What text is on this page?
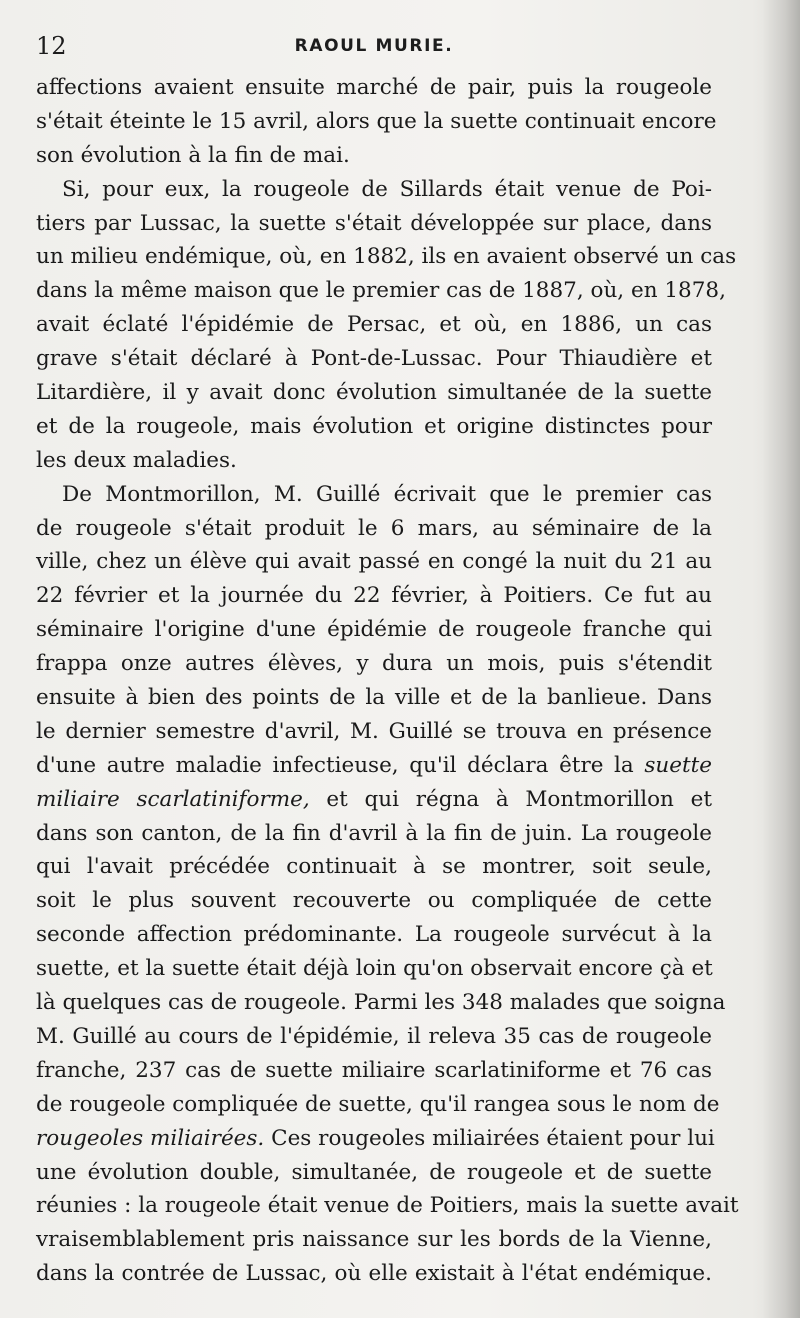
12	RAOUL MURIE.
affections avaient ensuite marché de pair, puis la rougeole
s'était éteinte le 15 avril, alors que la suette continuait encore
son évolution à la fin de mai.
Si, pour eux, la rougeole de Sillards était venue de Poi-
tiers par Lussac, la suette s'était développée sur place, dans
un milieu endémique, où, en 1882, ils en avaient observé un cas
dans la même maison que le premier cas de 1887, où, en 1878,
avait éclaté l'épidémie de Persac, et où, en 1886, un cas
grave s'était déclaré à Pont-de-Lussac. Pour Thiaudière et
Litardière, il y avait donc évolution simultanée de la suette
et de la rougeole, mais évolution et origine distinctes pour
les deux maladies.
De Montmorillon, M. Guillé écrivait que le premier cas
de rougeole s'était produit le 6 mars, au séminaire de la
ville, chez un élève qui avait passé en congé la nuit du 21 au
22 février et la journée du 22 février, à Poitiers. Ce fut au
séminaire l'origine d'une épidémie de rougeole franche qui
frappa onze autres élèves, y dura un mois, puis s'étendit
ensuite à bien des points de la ville et de la banlieue. Dans
le dernier semestre d'avril, M. Guillé se trouva en présence
d'une autre maladie infectieuse, qu'il déclara être la suette
miliaire scarlatiniforme, et qui régna à Montmorillon et
dans son canton, de la fin d'avril à la fin de juin. La rougeole
qui l'avait précédée continuait à se montrer, soit seule,
soit le plus souvent recouverte ou compliquée de cette
seconde affection prédominante. La rougeole survécut à la
suette, et la suette était déjà loin qu'on observait encore çà et
là quelques cas de rougeole. Parmi les 348 malades que soigna
M. Guillé au cours de l'épidémie, il releva 35 cas de rougeole
franche, 237 cas de suette miliaire scarlatiniforme et 76 cas
de rougeole compliquée de suette, qu'il rangea sous le nom de
rougeoles miliairées. Ces rougeoles miliairées étaient pour lui
une évolution double, simultanée, de rougeole et de suette
réunies : la rougeole était venue de Poitiers, mais la suette avait
vraisemblablement pris naissance sur les bords de la Vienne,
dans la contrée de Lussac, où elle existait à l'état endémique.
